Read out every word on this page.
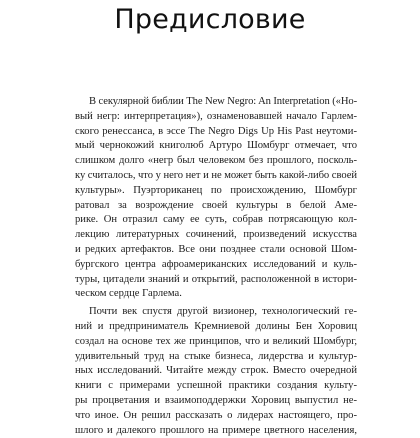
Предисловие

В секулярной библии The New Negro: An Interpretation («Но-
вый негр: интерпретация»), ознаменовавшей начало Гарлем-
ского ренессанса, в эссе The Negro Digs Up His Past неутоми-
мый чернокожий книголюб Артуро Шомбург отмечает, что
слишком долго «негр был человеком без прошлого, посколь-
ку считалось, что у него нет и не может быть какой-либо своей
культуры». Пуэрториканец по происхождению, Шомбург
ратовал за возрождение своей культуры в белой Аме-
рике. Он отразил саму ее суть, собрав потрясающую кол-
лекцию литературных сочинений, произведений искусства
и редких артефактов. Все они позднее стали основой Шом-
бургского центра афроамериканских исследований и куль-
туры, цитадели знаний и открытий, расположенной в истори-
ческом сердце Гарлема.

Почти век спустя другой визионер, технологический ге-
ний и предприниматель Кремниевой долины Бен Хоровиц
создал на основе тех же принципов, что и великий Шомбург,
удивительный труд на стыке бизнеса, лидерства и культур-
ных исследований. Читайте между строк. Вместо очередной
книги с примерами успешной практики создания культу-
ры процветания и взаимоподдержки Хоровиц выпустил не-
что иное. Он решил рассказать о лидерах настоящего, про-
шлого и далекого прошлого на примере цветного населения,
